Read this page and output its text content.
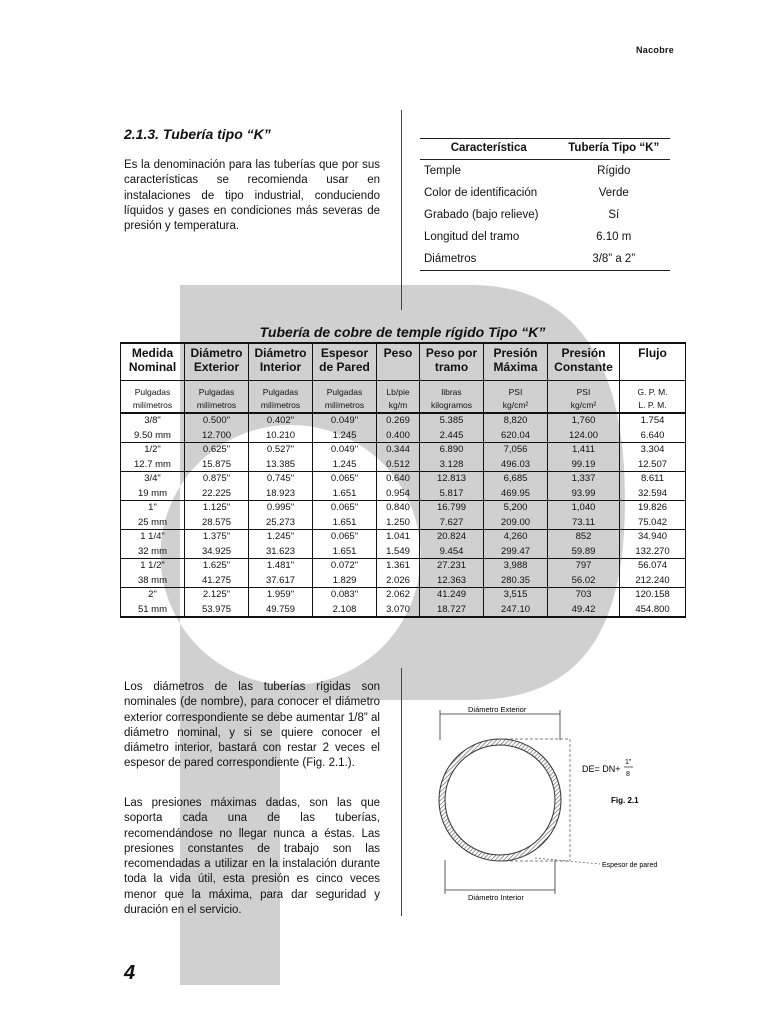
Nacobre
2.1.3. Tubería tipo “K”
Es la denominación para las tuberías que por sus características se recomienda usar en instalaciones de tipo industrial, conduciendo líquidos y gases en condiciones más severas de presión y temperatura.
Característica	Tubería Tipo “K”
Temple	Rígido
Color de identificación	Verde
Grabado (bajo relieve)	Sí
Longitud del tramo	6.10 m
Diámetros	3/8” a 2”
Tubería de cobre de temple rígido Tipo “K”
Medida Nominal	Diámetro Exterior	Diámetro Interior	Espesor de Pared	Peso	Peso por tramo	Presión Máxima	Presión Constante	Flujo
Pulgadas	Pulgadas	Pulgadas	Pulgadas	Lb/pie	libras	PSI	PSI	G. P. M.
milímetros	milímetros	milímetros	milímetros	kg/m	kilogramos	kg/cm²	kg/cm²	L. P. M.
3/8"	0.500"	0.402"	0.049"	0.269	5.385	8,820	1,760	1.754
9.50 mm	12.700	10.210	1.245	0.400	2.445	620.04	124.00	6.640
1/2"	0.625"	0.527"	0.049"	0.344	6.890	7,056	1,411	3.304
12.7 mm	15.875	13.385	1.245	0.512	3.128	496.03	99.19	12.507
3/4"	0.875"	0.745"	0.065"	0.640	12.813	6,685	1,337	8.611
19 mm	22.225	18.923	1.651	0.954	5.817	469.95	93.99	32.594
1"	1.125"	0.995"	0.065"	0.840	16.799	5,200	1,040	19.826
25 mm	28.575	25.273	1.651	1.250	7.627	209.00	73.11	75.042
1 1/4"	1.375"	1.245"	0.065"	1.041	20.824	4,260	852	34.940
32 mm	34.925	31.623	1.651	1.549	9.454	299.47	59.89	132.270
1 1/2"	1.625"	1.481"	0.072"	1.361	27.231	3,988	797	56.074
38 mm	41.275	37.617	1.829	2.026	12.363	280.35	56.02	212.240
2"	2.125"	1.959"	0.083"	2.062	41.249	3,515	703	120.158
51 mm	53.975	49.759	2.108	3.070	18.727	247.10	49.42	454.800
Los diámetros de las tuberías rígidas son nominales (de nombre), para conocer el diámetro exterior correspondiente se debe aumentar 1/8” al diámetro nominal, y si se quiere conocer el diámetro interior, bastará con restar 2 veces el espesor de pared correspondiente (Fig. 2.1.).
Las presiones máximas dadas, son las que soporta cada una de las tuberías, recomendándose no llegar nunca a éstas. Las presiones constantes de trabajo son las recomendadas a utilizar en la instalación durante toda la vida útil, esta presión es cinco veces menor que la máxima, para dar seguridad y duración en el servicio.
Diámetro Exterior
Espesor de pared
DE= DN+
1"
8
Fig. 2.1
Diámetro Interior
4
